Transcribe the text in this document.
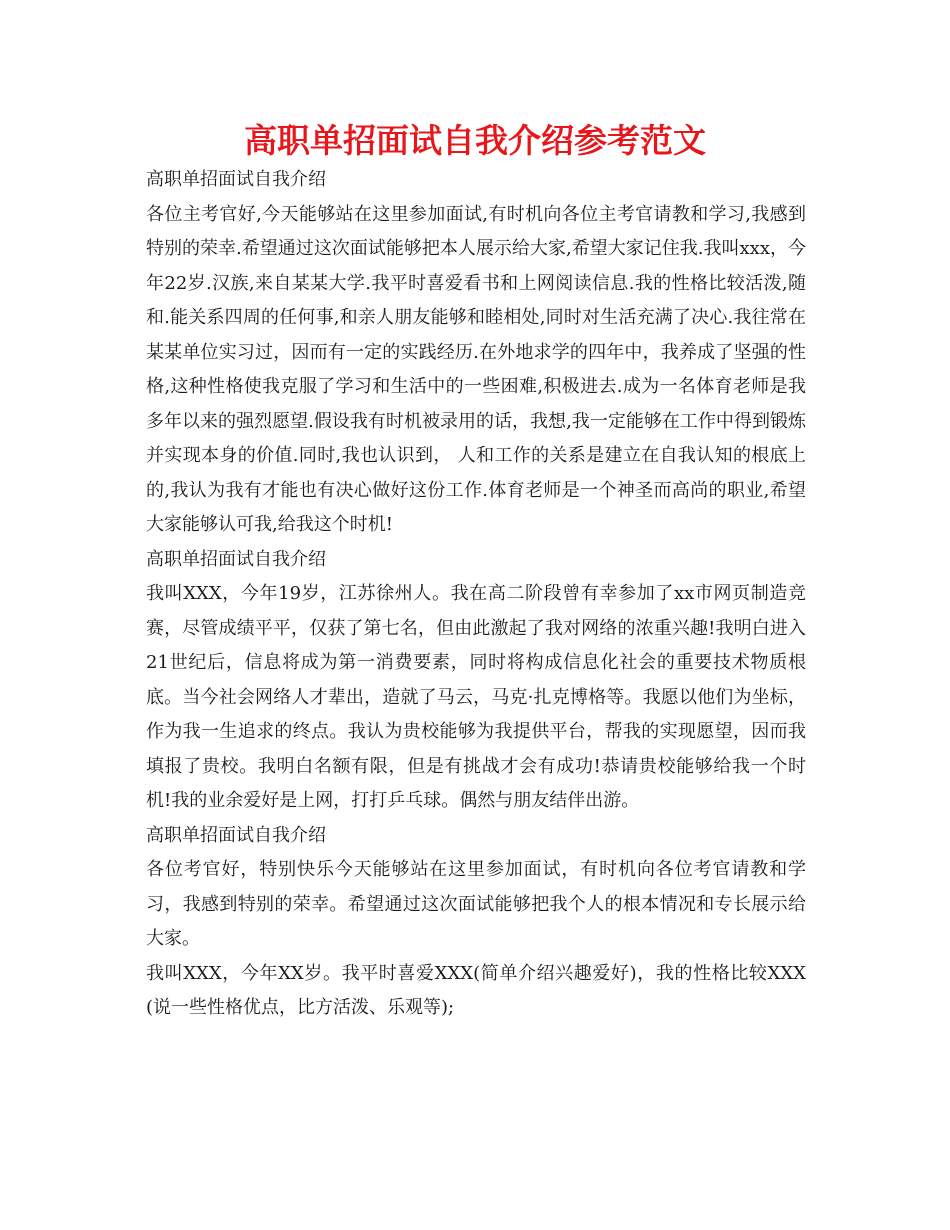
高职单招面试自我介绍参考范文

高职单招面试自我介绍

各位主考官好,今天能够站在这里参加面试,有时机向各位主考官请教和学习,我感到特别的荣幸.希望通过这次面试能够把本人展示给大家,希望大家记住我.我叫xxx，今年22岁.汉族,来自某某大学.我平时喜爱看书和上网阅读信息.我的性格比较活泼,随和.能关系四周的任何事,和亲人朋友能够和睦相处,同时对生活充满了决心.我往常在某某单位实习过，因而有一定的实践经历.在外地求学的四年中，我养成了坚强的性格,这种性格使我克服了学习和生活中的一些困难,积极进去.成为一名体育老师是我多年以来的强烈愿望.假设我有时机被录用的话，我想,我一定能够在工作中得到锻炼并实现本身的价值.同时,我也认识到， 人和工作的关系是建立在自我认知的根底上的,我认为我有才能也有决心做好这份工作.体育老师是一个神圣而高尚的职业,希望大家能够认可我,给我这个时机!

高职单招面试自我介绍

我叫XXX，今年19岁，江苏徐州人。我在高二阶段曾有幸参加了xx市网页制造竞赛，尽管成绩平平，仅获了第七名，但由此激起了我对网络的浓重兴趣!我明白进入21世纪后，信息将成为第一消费要素，同时将构成信息化社会的重要技术物质根底。当今社会网络人才辈出，造就了马云，马克·扎克博格等。我愿以他们为坐标，作为我一生追求的终点。我认为贵校能够为我提供平台，帮我的实现愿望，因而我填报了贵校。我明白名额有限，但是有挑战才会有成功!恭请贵校能够给我一个时机!我的业余爱好是上网，打打乒乓球。偶然与朋友结伴出游。

高职单招面试自我介绍

各位考官好，特别快乐今天能够站在这里参加面试，有时机向各位考官请教和学习，我感到特别的荣幸。希望通过这次面试能够把我个人的根本情况和专长展示给大家。

我叫XXX，今年XX岁。我平时喜爱XXX(简单介绍兴趣爱好)，我的性格比较XXX(说一些性格优点，比方活泼、乐观等);
